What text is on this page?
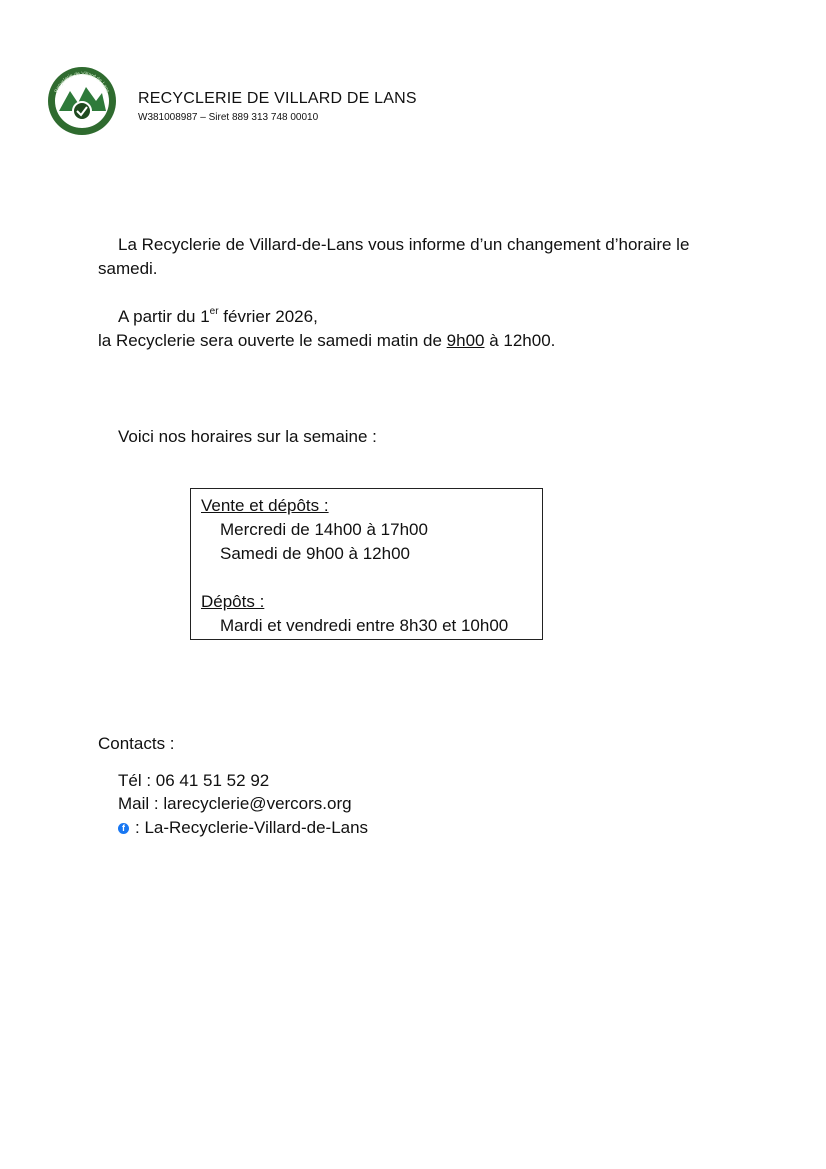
Recyclerie de Villard de Lans RECYCLERIE DE VILLARD DE LANS
W381008987 – Siret 889 313 748 00010
La Recyclerie de Villard-de-Lans vous informe d’un changement d’horaire le
samedi.
A partir du 1er février 2026,
la Recyclerie sera ouverte le samedi matin de 9h00 à 12h00.
Voici nos horaires sur la semaine :
Vente et dépôts :
Mercredi de 14h00 à 17h00
Samedi de 9h00 à 12h00
Dépôts :
Mardi et vendredi entre 8h30 et 10h00
Contacts :
Tél : 06 41 51 52 92
Mail : larecyclerie@vercors.org
f : La-Recyclerie-Villard-de-Lans
